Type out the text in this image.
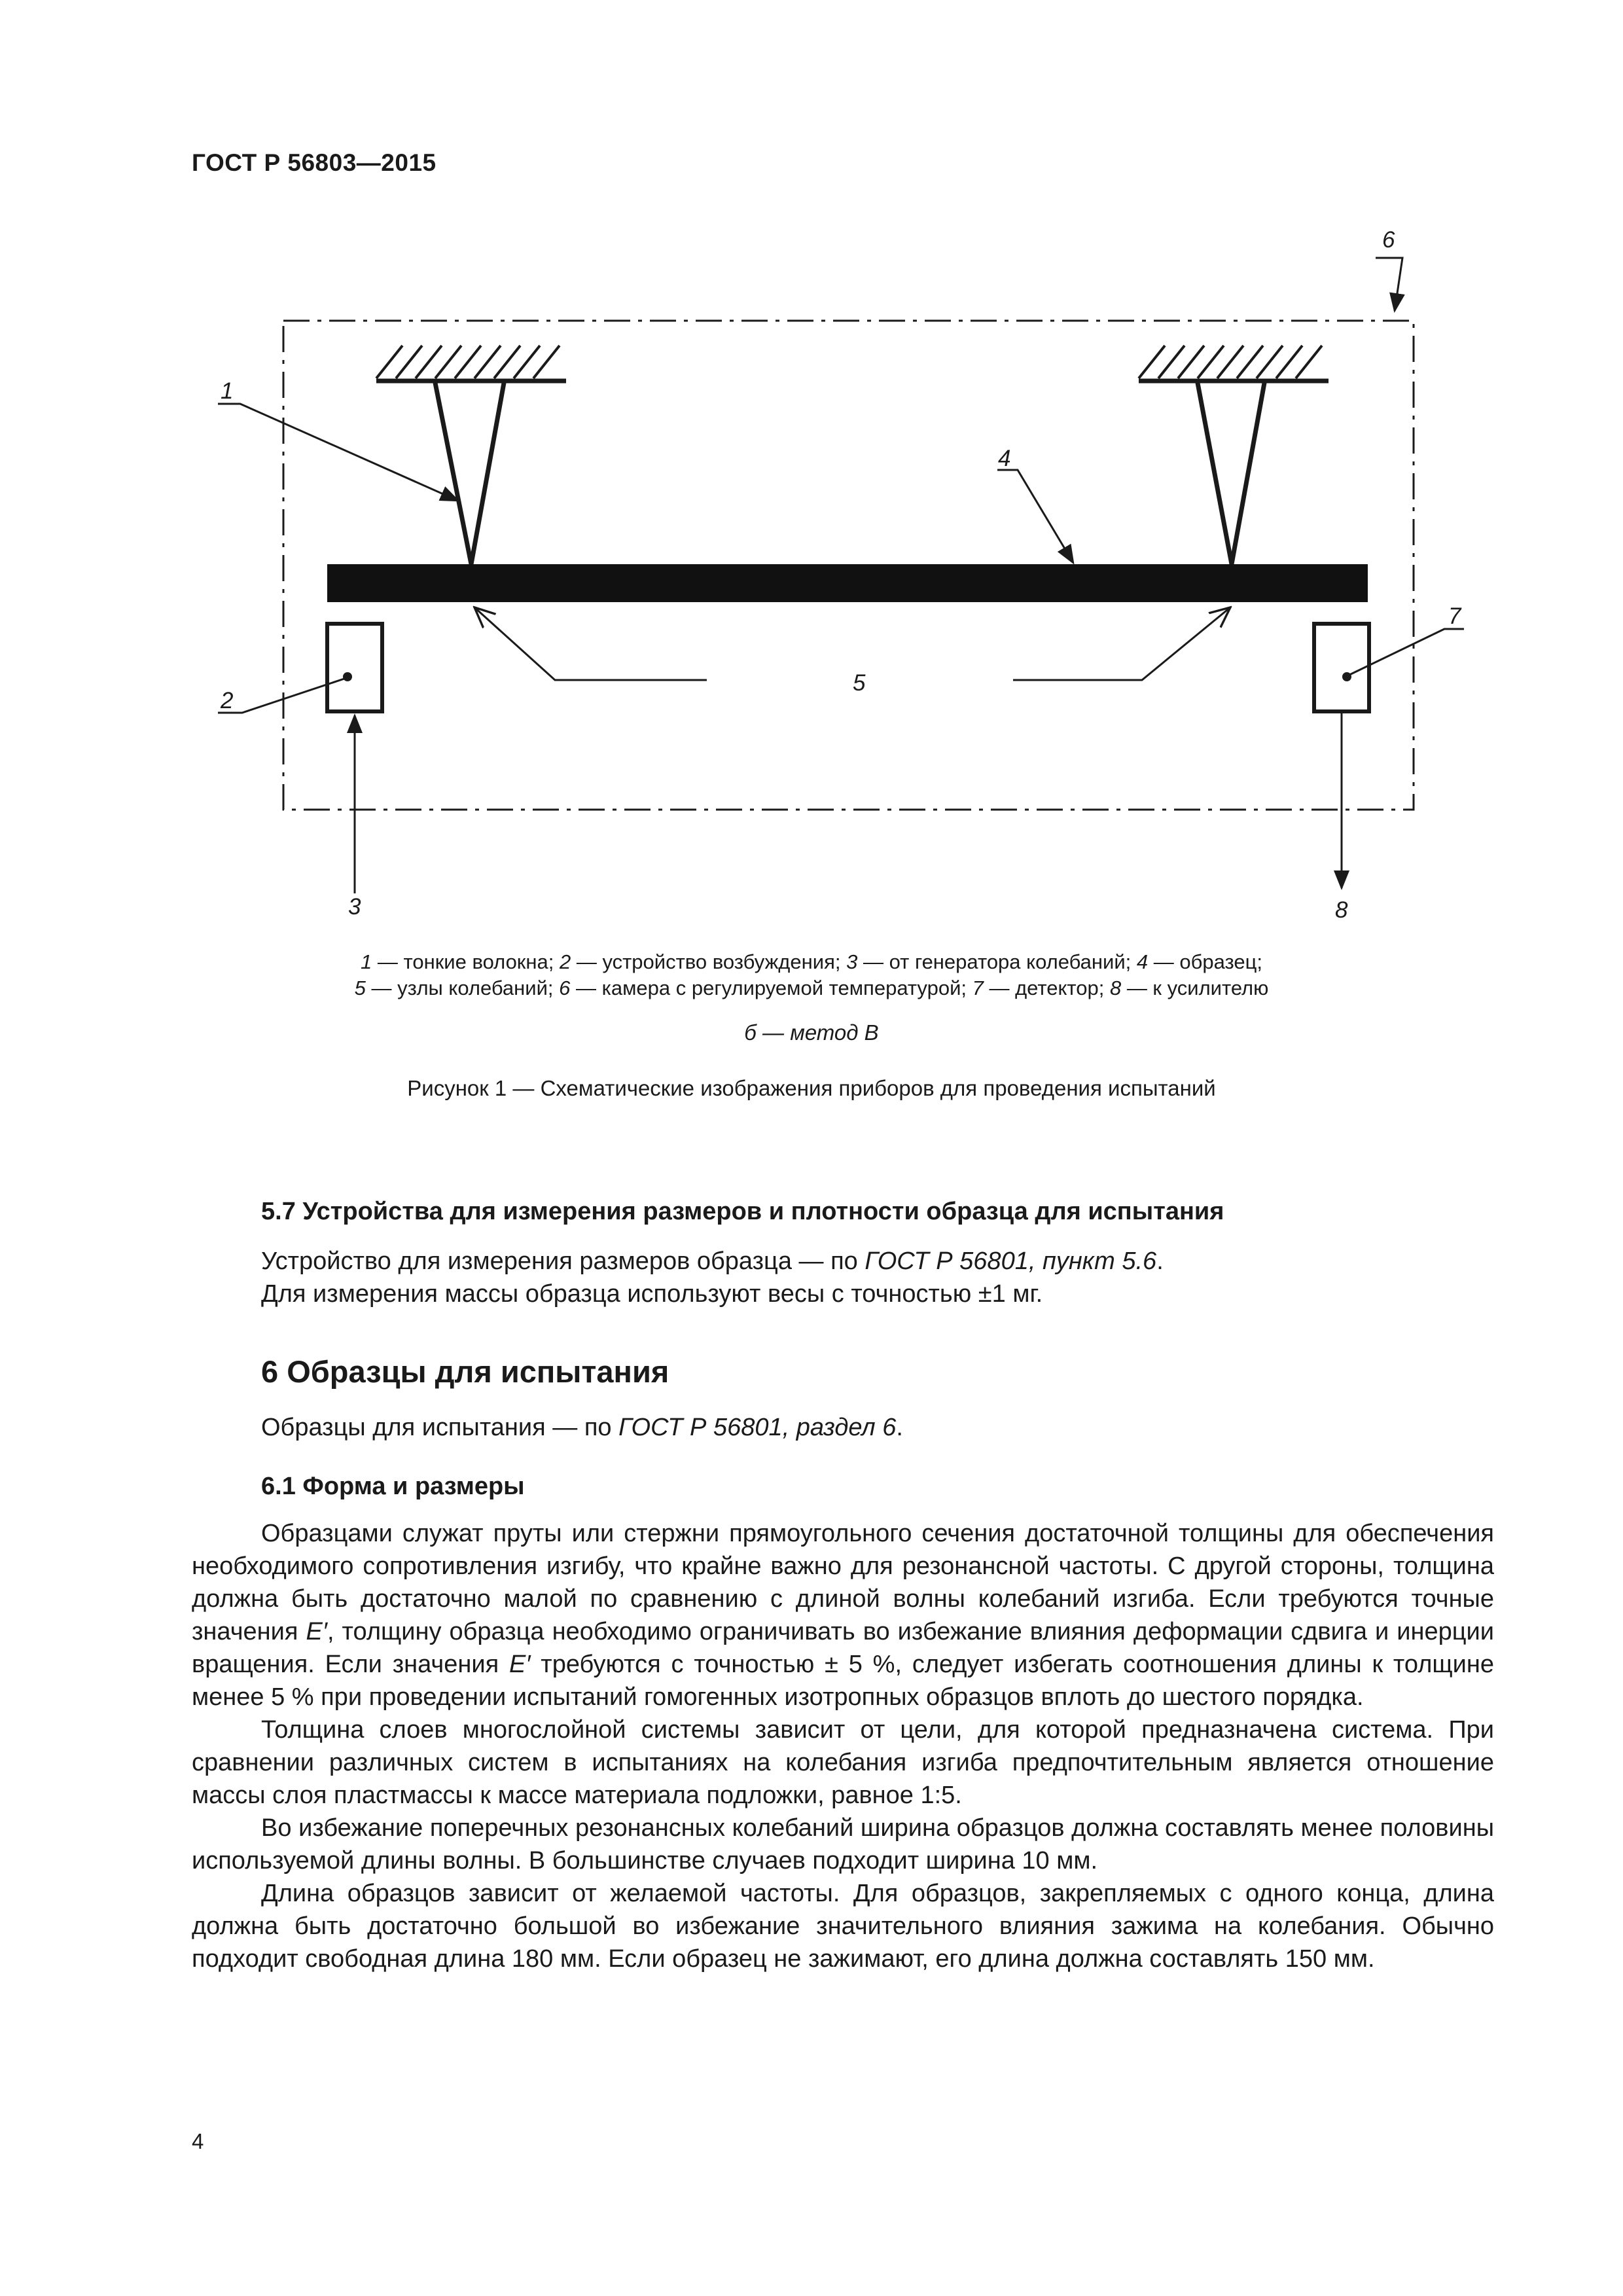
ГОСТ Р 56803—2015
1
2
3
4
5
6
7
8
1 — тонкие волокна; 2 — устройство возбуждения; 3 — от генератора колебаний; 4 — образец;
5 — узлы колебаний; 6 — камера с регулируемой температурой; 7 — детектор; 8 — к усилителю
б — метод В
Рисунок 1 — Схематические изображения приборов для проведения испытаний
5.7 Устройства для измерения размеров и плотности образца для испытания
Устройство для измерения размеров образца — по ГОСТ Р 56801, пункт 5.6.
Для измерения массы образца используют весы с точностью ±1 мг.
6 Образцы для испытания
Образцы для испытания — по ГОСТ Р 56801, раздел 6.
6.1 Форма и размеры

Образцами служат пруты или стержни прямоугольного сечения достаточной толщины для обеспечения необходимого сопротивления изгибу, что крайне важно для резонансной частоты. С другой стороны, толщина должна быть достаточно малой по сравнению с длиной волны колебаний изгиба. Если требуются точные значения E′, толщину образца необходимо ограничивать во избежание влияния деформации сдвига и инерции вращения. Если значения E′ требуются с точностью ± 5 %, следует избегать соотношения длины к толщине менее 5 % при проведении испытаний гомогенных изотропных образцов вплоть до шестого порядка.

Толщина слоев многослойной системы зависит от цели, для которой предназначена система. При сравнении различных систем в испытаниях на колебания изгиба предпочтительным является отношение массы слоя пластмассы к массе материала подложки, равное 1:5.

Во избежание поперечных резонансных колебаний ширина образцов должна составлять менее половины используемой длины волны. В большинстве случаев подходит ширина 10 мм.

Длина образцов зависит от желаемой частоты. Для образцов, закрепляемых с одного конца, длина должна быть достаточно большой во избежание значительного влияния зажима на колебания. Обычно подходит свободная длина 180 мм. Если образец не зажимают, его длина должна составлять 150 мм.

4
